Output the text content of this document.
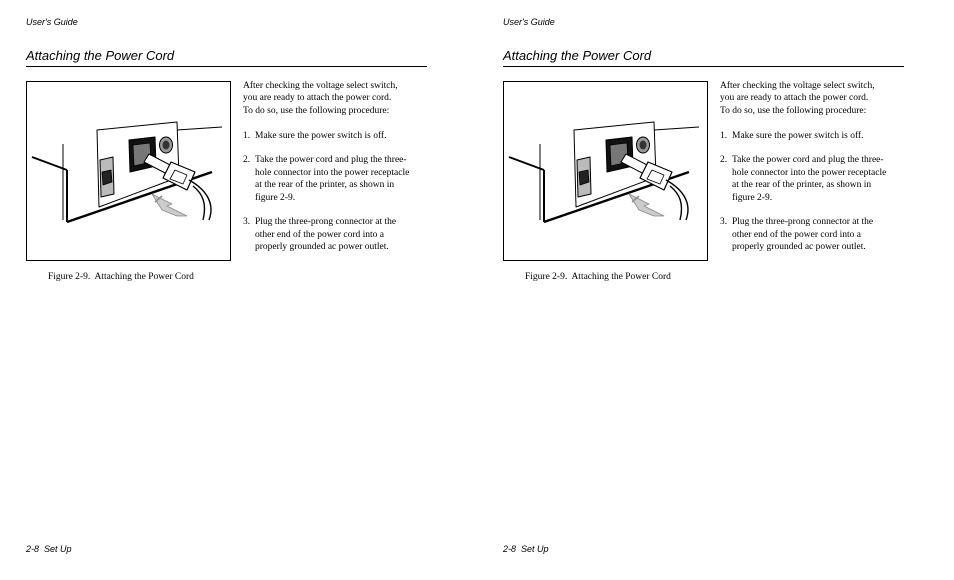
User's Guide
Attaching the Power Cord
Figure 2-9.  Attaching the Power Cord

After checking the voltage select switch,
you are ready to attach the power cord.
To do so, use the following procedure:

1. Make sure the power switch is off.
2. Take the power cord and plug the three-
hole connector into the power receptacle
at the rear of the printer, as shown in
figure 2-9.
3. Plug the three-prong connector at the
other end of the power cord into a
properly grounded ac power outlet.
2-8  Set Up
User's Guide
Attaching the Power Cord
Figure 2-9.  Attaching the Power Cord

After checking the voltage select switch,
you are ready to attach the power cord.
To do so, use the following procedure:

1. Make sure the power switch is off.
2. Take the power cord and plug the three-
hole connector into the power receptacle
at the rear of the printer, as shown in
figure 2-9.
3. Plug the three-prong connector at the
other end of the power cord into a
properly grounded ac power outlet.
2-8  Set Up
